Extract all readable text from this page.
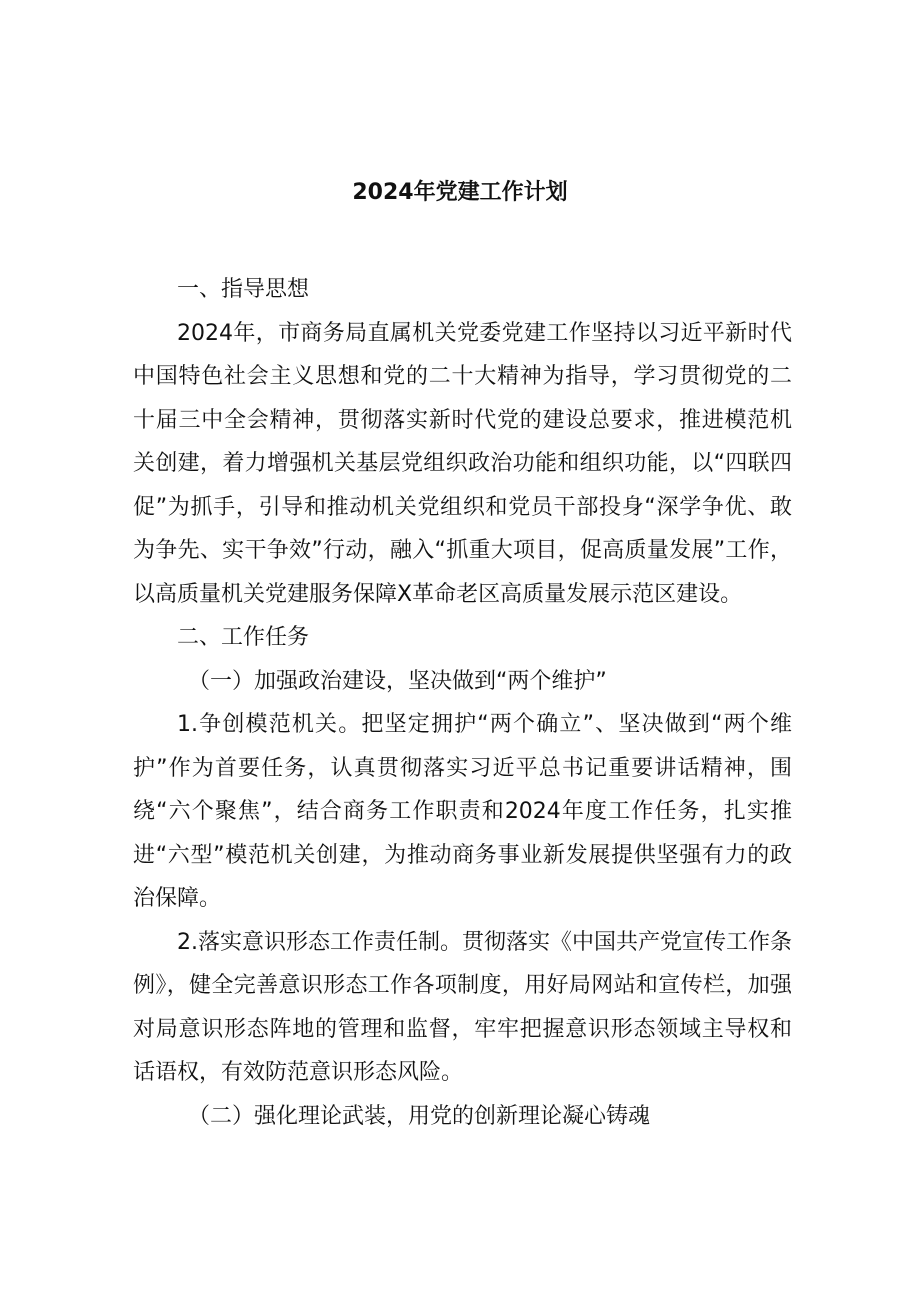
2024年党建工作计划

一、指导思想

2024年，市商务局直属机关党委党建工作坚持以习近平新时代中国特色社会主义思想和党的二十大精神为指导，学习贯彻党的二十届三中全会精神，贯彻落实新时代党的建设总要求，推进模范机关创建，着力增强机关基层党组织政治功能和组织功能，以“四联四促”为抓手，引导和推动机关党组织和党员干部投身“深学争优、敢为争先、实干争效”行动，融入“抓重大项目，促高质量发展”工作，以高质量机关党建服务保障X革命老区高质量发展示范区建设。

二、工作任务

（一）加强政治建设，坚决做到“两个维护”

1.争创模范机关。把坚定拥护“两个确立”、坚决做到“两个维护”作为首要任务，认真贯彻落实习近平总书记重要讲话精神，围绕“六个聚焦”，结合商务工作职责和2024年度工作任务，扎实推进“六型”模范机关创建，为推动商务事业新发展提供坚强有力的政治保障。

2.落实意识形态工作责任制。贯彻落实《中国共产党宣传工作条例》，健全完善意识形态工作各项制度，用好局网站和宣传栏，加强对局意识形态阵地的管理和监督，牢牢把握意识形态领域主导权和话语权，有效防范意识形态风险。

（二）强化理论武装，用党的创新理论凝心铸魂
